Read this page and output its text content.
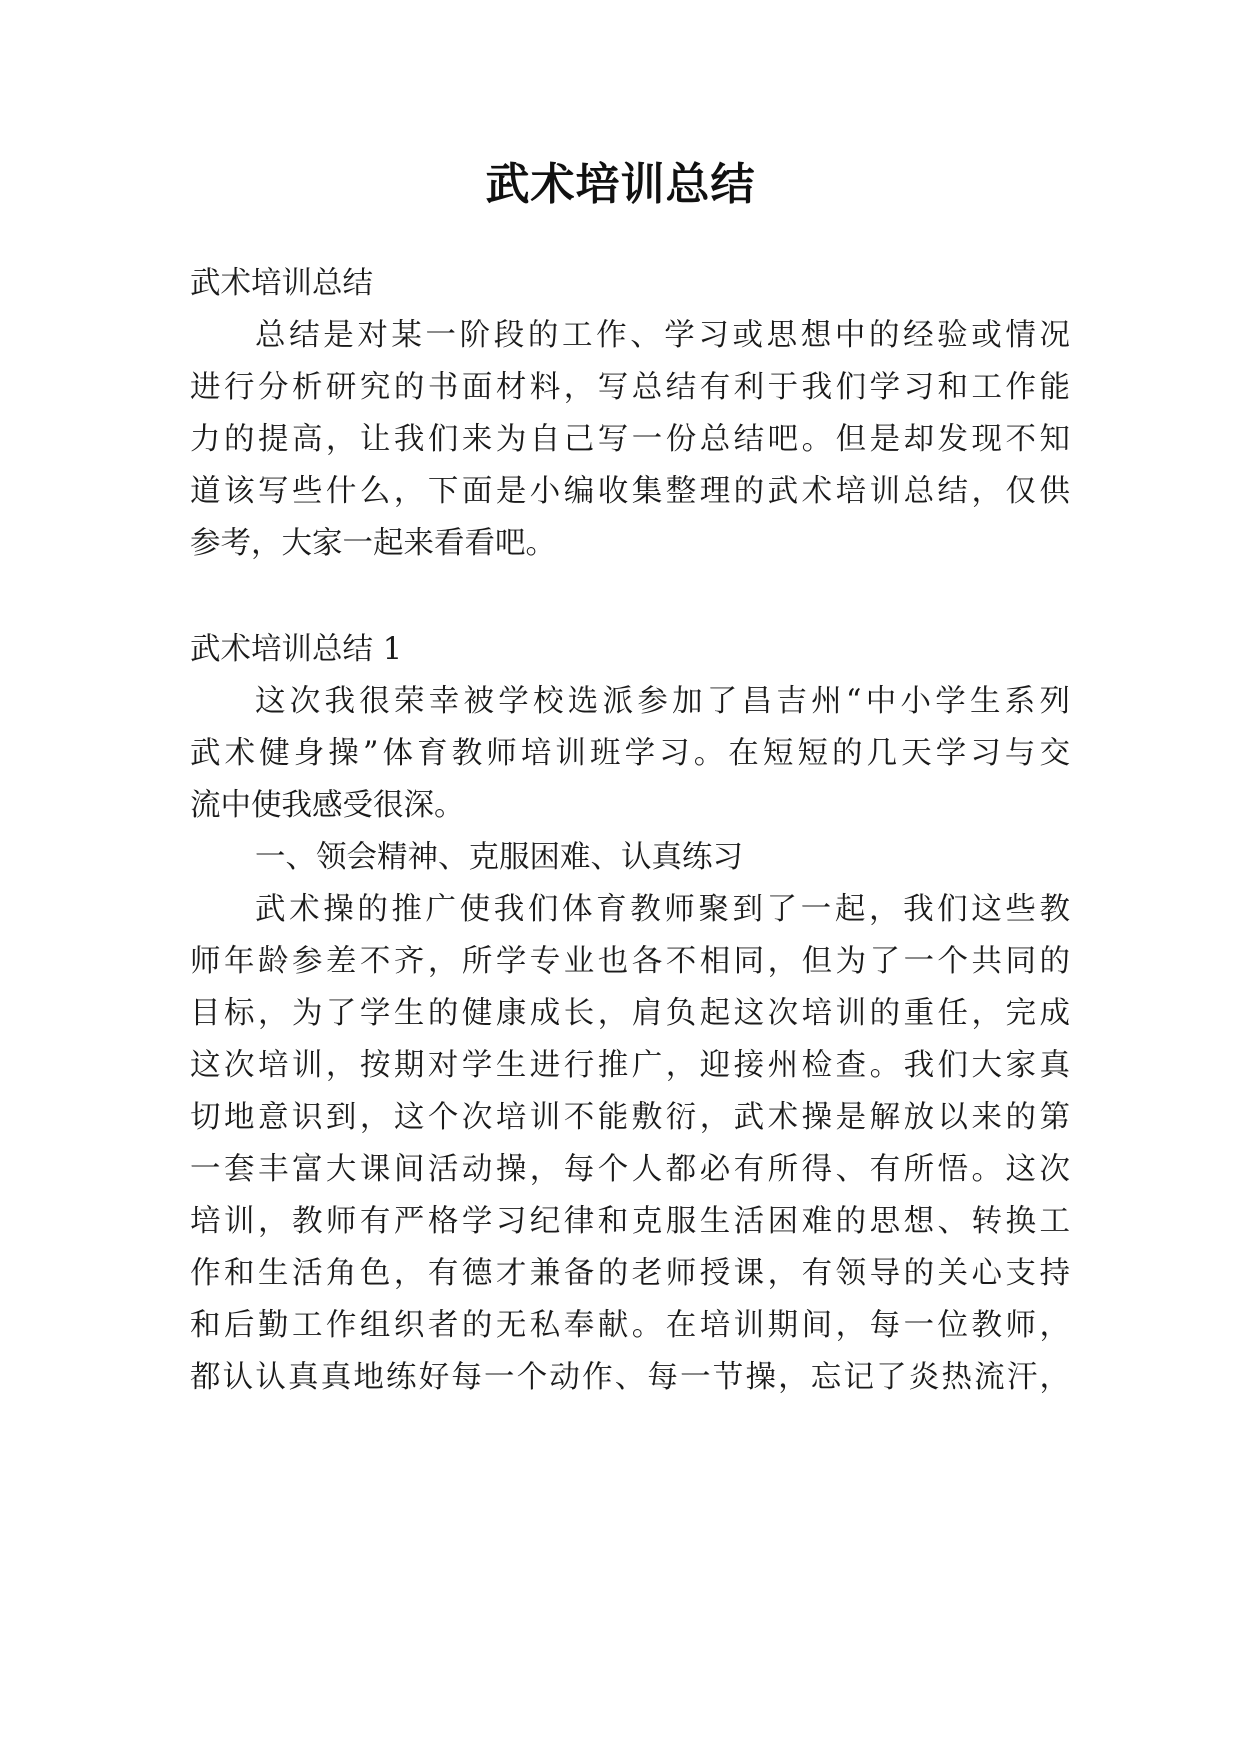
武术培训总结
武术培训总结
总结是对某一阶段的工作、学习或思想中的经验或情况
进行分析研究的书面材料，写总结有利于我们学习和工作能
力的提高，让我们来为自己写一份总结吧。但是却发现不知
道该写些什么，下面是小编收集整理的武术培训总结，仅供
参考，大家一起来看看吧。
武术培训总结 1
这次我很荣幸被学校选派参加了昌吉州“中小学生系列
武术健身操”体育教师培训班学习。在短短的几天学习与交
流中使我感受很深。
一、领会精神、克服困难、认真练习
武术操的推广使我们体育教师聚到了一起，我们这些教
师年龄参差不齐，所学专业也各不相同，但为了一个共同的
目标，为了学生的健康成长，肩负起这次培训的重任，完成
这次培训，按期对学生进行推广，迎接州检查。我们大家真
切地意识到，这个次培训不能敷衍，武术操是解放以来的第
一套丰富大课间活动操，每个人都必有所得、有所悟。这次
培训，教师有严格学习纪律和克服生活困难的思想、转换工
作和生活角色，有德才兼备的老师授课，有领导的关心支持
和后勤工作组织者的无私奉献。在培训期间，每一位教师，
都认认真真地练好每一个动作、每一节操，忘记了炎热流汗，
